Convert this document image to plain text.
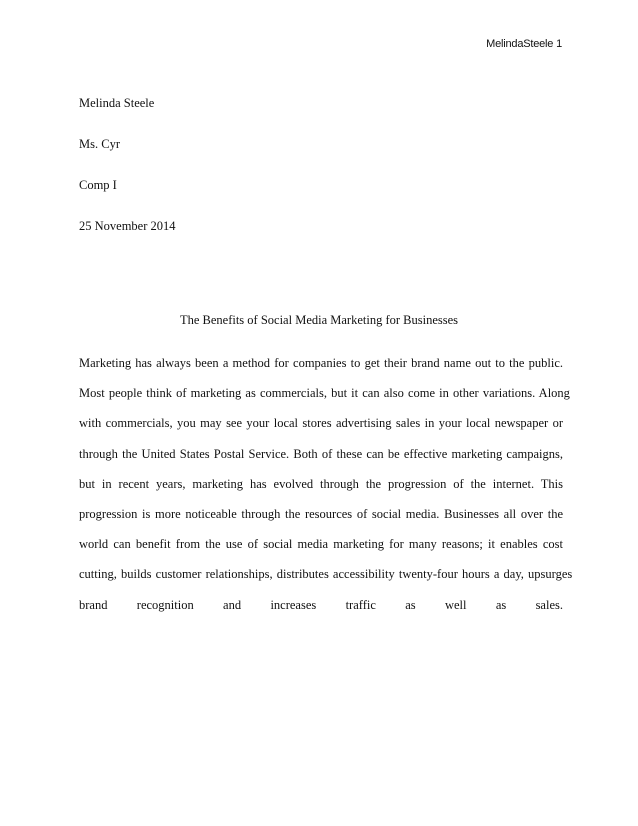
MelindaSteele 1
Melinda Steele
Ms. Cyr
Comp I
25 November 2014
The Benefits of Social Media Marketing for Businesses
Marketing has always been a method for companies to get their brand name out to the public.
Most people think of marketing as commercials, but it can also come in other variations. Along
with commercials, you may see your local stores advertising sales in your local newspaper or
through the United States Postal Service. Both of these can be effective marketing campaigns,
but in recent years, marketing has evolved through the progression of the internet. This
progression is more noticeable through the resources of social media. Businesses all over the
world can benefit from the use of social media marketing for many reasons; it enables cost
cutting, builds customer relationships, distributes accessibility twenty-four hours a day, upsurges
brand recognition and increases traffic as well as sales.
